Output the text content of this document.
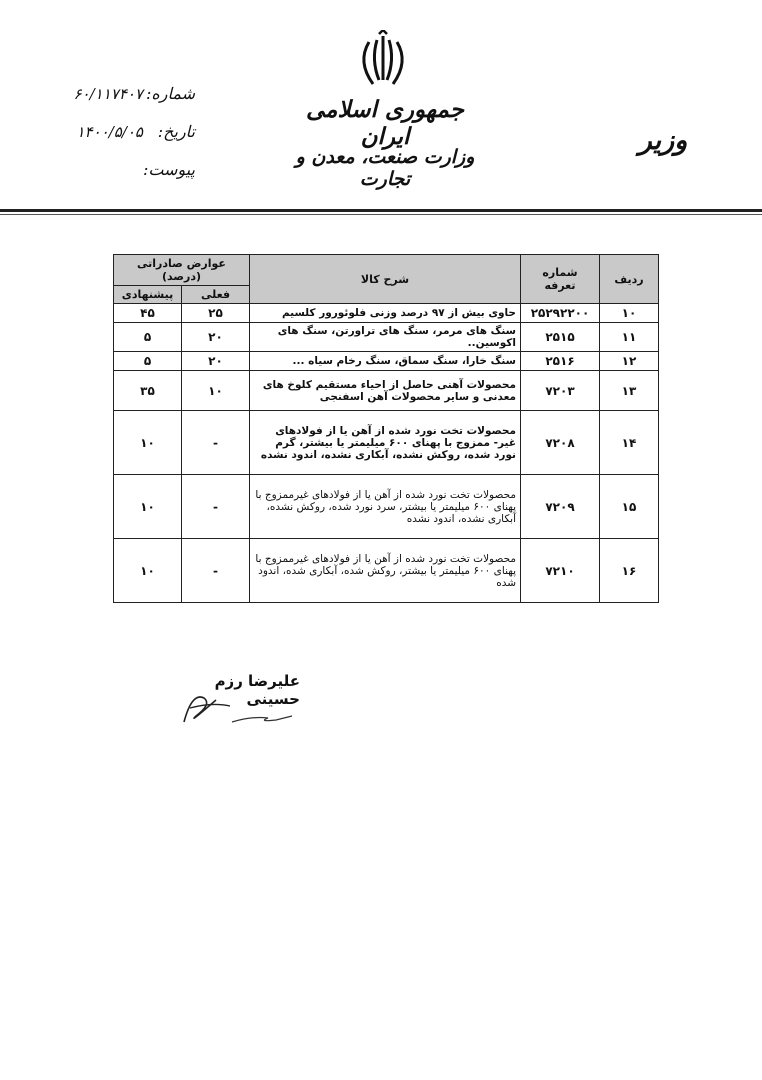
جمهوری اسلامی ایران
وزارت صنعت، معدن و تجارت
وزیر
شماره:
۶۰/۱۱۷۴۰۷
تاریخ:
۱۴۰۰/۵/۰۵
پیوست:
ردیف	شماره تعرفه	شرح کالا	عوارض صادراتی (درصد)	
			فعلی	پیشنهادی
۱۰	۲۵۲۹۲۲۰۰	حاوی بیش از ۹۷ درصد وزنی فلوئورور کلسیم	۲۵	۴۵
۱۱	۲۵۱۵	سنگ های مرمر، سنگ های تراورتن، سنگ های اکوسین..	۲۰	۵
۱۲	۲۵۱۶	سنگ خارا، سنگ سماق، سنگ رخام سیاه ...	۲۰	۵
۱۳	۷۲۰۳	محصولات آهنی حاصل از احیاء مستقیم کلوخ های معدنی و سایر محصولات آهن اسفنجی	۱۰	۳۵
۱۴	۷۲۰۸	محصولات تخت نورد شده از آهن یا از فولادهای غیر- ممزوج با پهنای ۶۰۰ میلیمتر یا بیشتر، گرم نورد شده، روکش نشده، آبکاری نشده، اندود نشده	-	۱۰
۱۵	۷۲۰۹	محصولات تخت نورد شده از آهن یا از فولادهای غیرممزوج با پهنای ۶۰۰ میلیمتر یا بیشتر، سرد نورد شده، روکش نشده، آبکاری نشده، اندود نشده	-	۱۰
۱۶	۷۲۱۰	محصولات تخت نورد شده از آهن یا از فولادهای غیرممزوج با پهنای ۶۰۰ میلیمتر یا بیشتر، روکش شده، آبکاری شده، اندود شده	-	۱۰
علیرضا رزم حسینی
